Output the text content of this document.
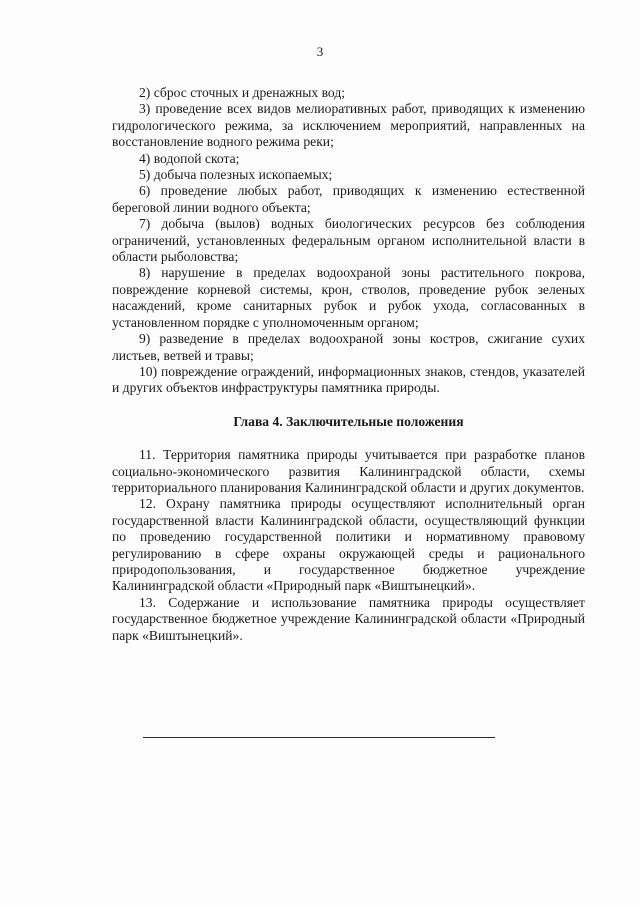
3

2) сброс сточных и дренажных вод;

3) проведение всех видов мелиоративных работ, приводящих к изменению гидрологического режима, за исключением мероприятий, направленных на восстановление водного режима реки;

4) водопой скота;

5) добыча полезных ископаемых;

6) проведение любых работ, приводящих к изменению естественной береговой линии водного объекта;

7) добыча (вылов) водных биологических ресурсов без соблюдения ограничений, установленных федеральным органом исполнительной власти в области рыболовства;

8) нарушение в пределах водоохраной зоны растительного покрова, повреждение корневой системы, крон, стволов, проведение рубок зеленых насаждений, кроме санитарных рубок и рубок ухода, согласованных в установленном порядке с уполномоченным органом;

9) разведение в пределах водоохраной зоны костров, сжигание сухих листьев, ветвей и травы;

10) повреждение ограждений, информационных знаков, стендов, указателей и других объектов инфраструктуры памятника природы.

Глава 4. Заключительные положения

11. Территория памятника природы учитывается при разработке планов социально-экономического развития Калининградской области, схемы территориального планирования Калининградской области и других документов.

12. Охрану памятника природы осуществляют исполнительный орган государственной власти Калининградской области, осуществляющий функции по проведению государственной политики и нормативному правовому регулированию в сфере охраны окружающей среды и рационального природопользования, и государственное бюджетное учреждение Калининградской области «Природный парк «Виштынецкий».

13. Содержание и использование памятника природы осуществляет государственное бюджетное учреждение Калининградской области «Природный парк «Виштынецкий».
